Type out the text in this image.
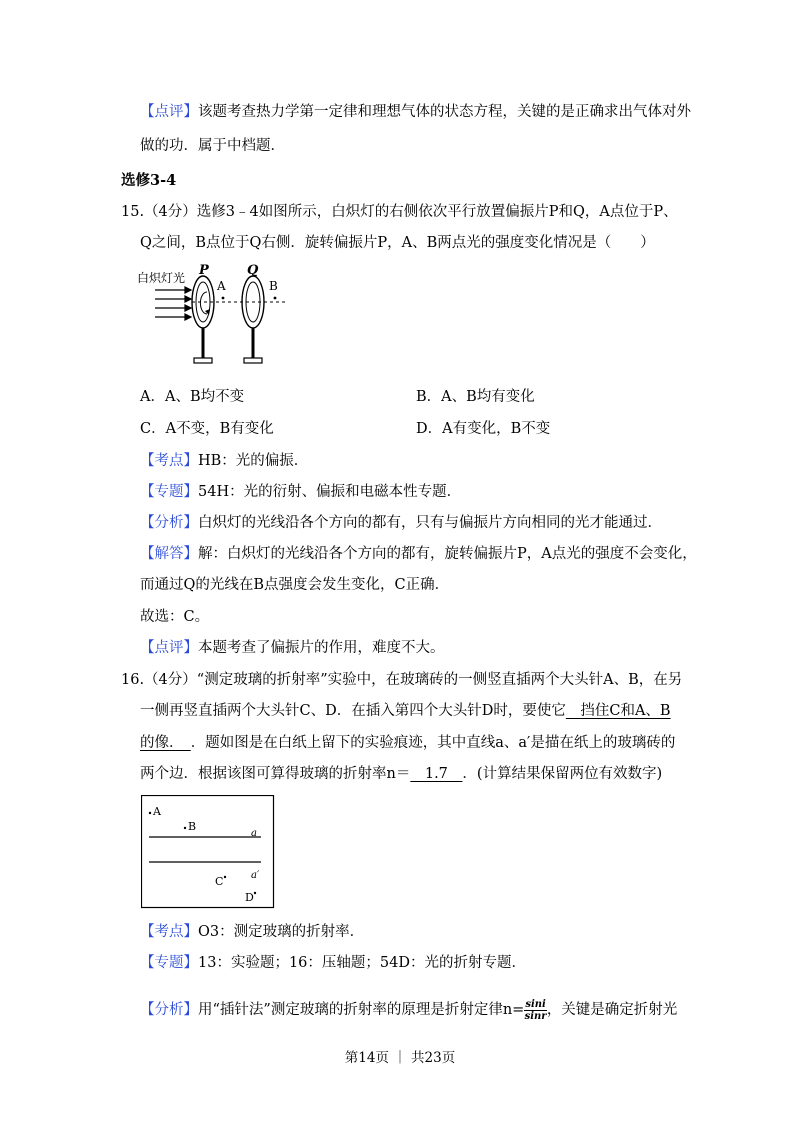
【点评】该题考查热力学第一定律和理想气体的状态方程，关键的是正确求出气体对外
做的功．属于中档题．
选修3-4
15.（4分）选修3﹣4如图所示，白炽灯的右侧依次平行放置偏振片P和Q，A点位于P、
Q之间，B点位于Q右侧．旋转偏振片P，A、B两点光的强度变化情况是（　　）
白炽灯光 P	Q
A	B
A．A、B均不变	B．A、B均有变化
C．A不变，B有变化	D．A有变化，B不变
【考点】HB：光的偏振．
【专题】54H：光的衍射、偏振和电磁本性专题．
【分析】白炽灯的光线沿各个方向的都有，只有与偏振片方向相同的光才能通过．
【解答】解：白炽灯的光线沿各个方向的都有，旋转偏振片P，A点光的强度不会变化，
而通过Q的光线在B点强度会发生变化，C正确．
故选：C。
【点评】本题考查了偏振片的作用，难度不大。
16.（4分）“测定玻璃的折射率”实验中，在玻璃砖的一侧竖直插两个大头针A、B，在另
一侧再竖直插两个大头针C、D．在插入第四个大头针D时，要使它　挡住C和A、B
的像．　．题如图是在白纸上留下的实验痕迹，其中直线a、a′是描在纸上的玻璃砖的
两个边．根据该图可算得玻璃的折射率n＝　1.7　．(计算结果保留两位有效数字)
A
B
a
a′
C
D
【考点】O3：测定玻璃的折射率．
【专题】13：实验题；16：压轴题；54D：光的折射专题．
【分析】用“插针法”测定玻璃的折射率的原理是折射定律$n= \frac{\sin i}{\sin r}$ ，关键是确定折射光
第14页 ｜ 共23页
